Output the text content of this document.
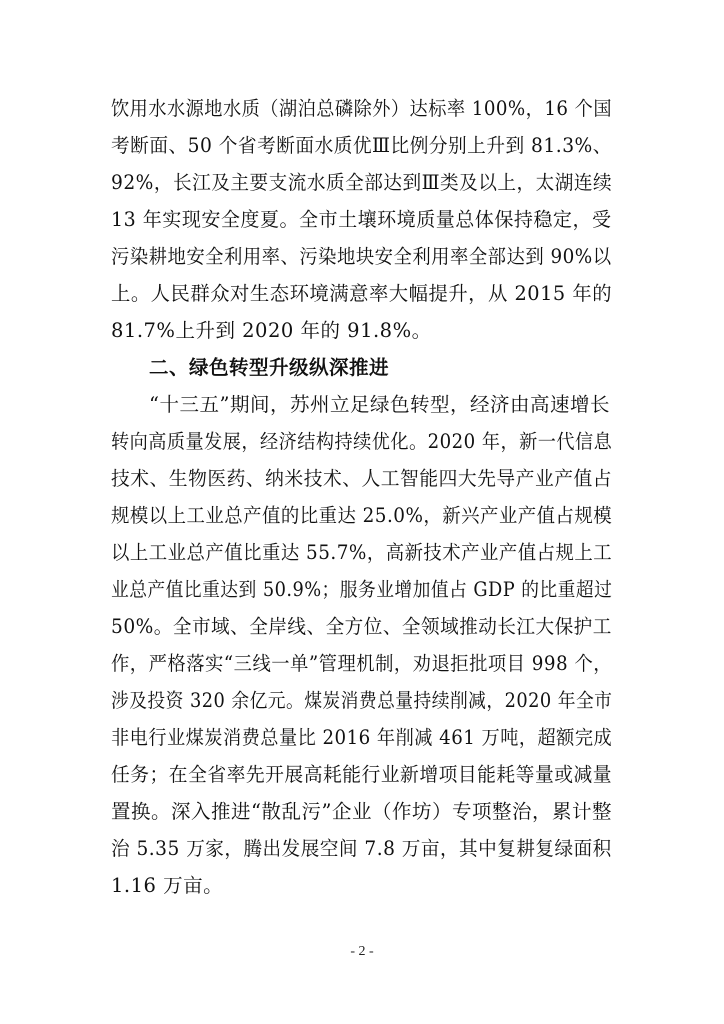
饮用水水源地水质（湖泊总磷除外）达标率 100%，16 个国
考断面、50 个省考断面水质优Ⅲ比例分别上升到 81.3%、
92%，长江及主要支流水质全部达到Ⅲ类及以上，太湖连续
13 年实现安全度夏。全市土壤环境质量总体保持稳定，受
污染耕地安全利用率、污染地块安全利用率全部达到 90%以
上。人民群众对生态环境满意率大幅提升，从 2015 年的
81.7%上升到 2020 年的 91.8%。
二、绿色转型升级纵深推进
“十三五”期间，苏州立足绿色转型，经济由高速增长
转向高质量发展，经济结构持续优化。2020 年，新一代信息
技术、生物医药、纳米技术、人工智能四大先导产业产值占
规模以上工业总产值的比重达 25.0%，新兴产业产值占规模
以上工业总产值比重达 55.7%，高新技术产业产值占规上工
业总产值比重达到 50.9%；服务业增加值占 GDP 的比重超过
50%。全市域、全岸线、全方位、全领域推动长江大保护工
作，严格落实“三线一单”管理机制，劝退拒批项目 998 个，
涉及投资 320 余亿元。煤炭消费总量持续削减，2020 年全市
非电行业煤炭消费总量比 2016 年削减 461 万吨，超额完成
任务；在全省率先开展高耗能行业新增项目能耗等量或减量
置换。深入推进“散乱污”企业（作坊）专项整治，累计整
治 5.35 万家，腾出发展空间 7.8 万亩，其中复耕复绿面积
1.16 万亩。
- 2 -
